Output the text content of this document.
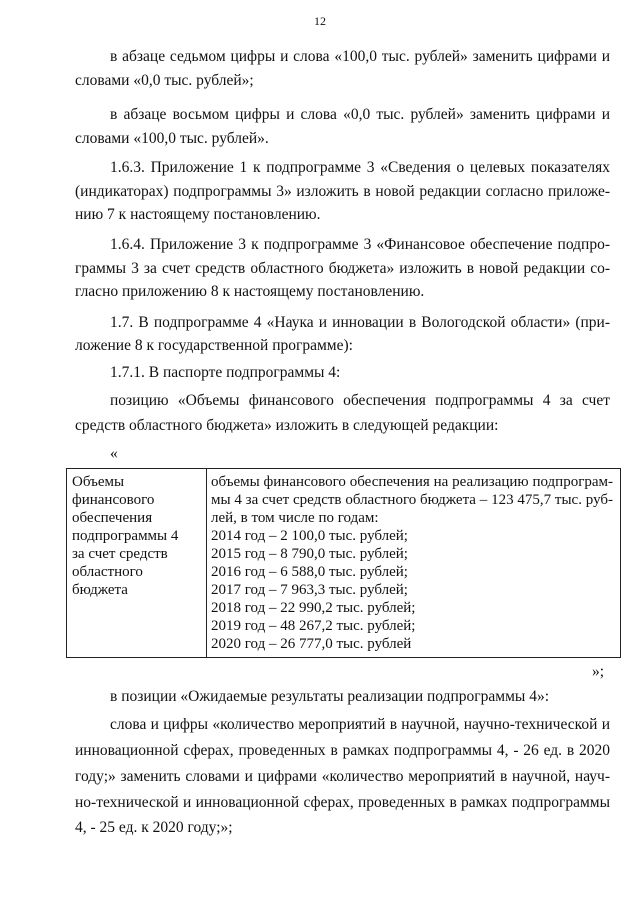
12
в абзаце седьмом цифры и слова «100,0 тыс. рублей» заменить цифрами и
словами «0,0 тыс. рублей»;
в абзаце восьмом цифры и слова «0,0 тыс. рублей» заменить цифрами и
словами «100,0 тыс. рублей».
1.6.3. Приложение 1 к подпрограмме 3 «Сведения о целевых показателях
(индикаторах) подпрограммы 3» изложить в новой редакции согласно приложе-
нию 7 к настоящему постановлению.
1.6.4. Приложение 3 к подпрограмме 3 «Финансовое обеспечение подпро-
граммы 3 за счет средств областного бюджета» изложить в новой редакции со-
гласно приложению 8 к настоящему постановлению.
1.7. В подпрограмме 4 «Наука и инновации в Вологодской области» (при-
ложение 8 к государственной программе):
1.7.1. В паспорте подпрограммы 4:
позицию «Объемы финансового обеспечения подпрограммы 4 за счет
средств областного бюджета» изложить в следующей редакции:
«
Объемы
финансового
обеспечения
подпрограммы 4
за счет средств
областного
бюджета
объемы финансового обеспечения на реализацию подпрограм-
мы 4 за счет средств областного бюджета – 123 475,7 тыс. руб-
лей, в том числе по годам:
2014 год – 2 100,0 тыс. рублей;
2015 год – 8 790,0 тыс. рублей;
2016 год – 6 588,0 тыс. рублей;
2017 год – 7 963,3 тыс. рублей;
2018 год – 22 990,2 тыс. рублей;
2019 год – 48 267,2 тыс. рублей;
2020 год – 26 777,0 тыс. рублей
»;
в позиции «Ожидаемые результаты реализации подпрограммы 4»:
слова и цифры «количество мероприятий в научной, научно-технической и
инновационной сферах, проведенных в рамках подпрограммы 4, - 26 ед. в 2020
году;» заменить словами и цифрами «количество мероприятий в научной, науч-
но-технической и инновационной сферах, проведенных в рамках подпрограммы
4, - 25 ед. к 2020 году;»;
